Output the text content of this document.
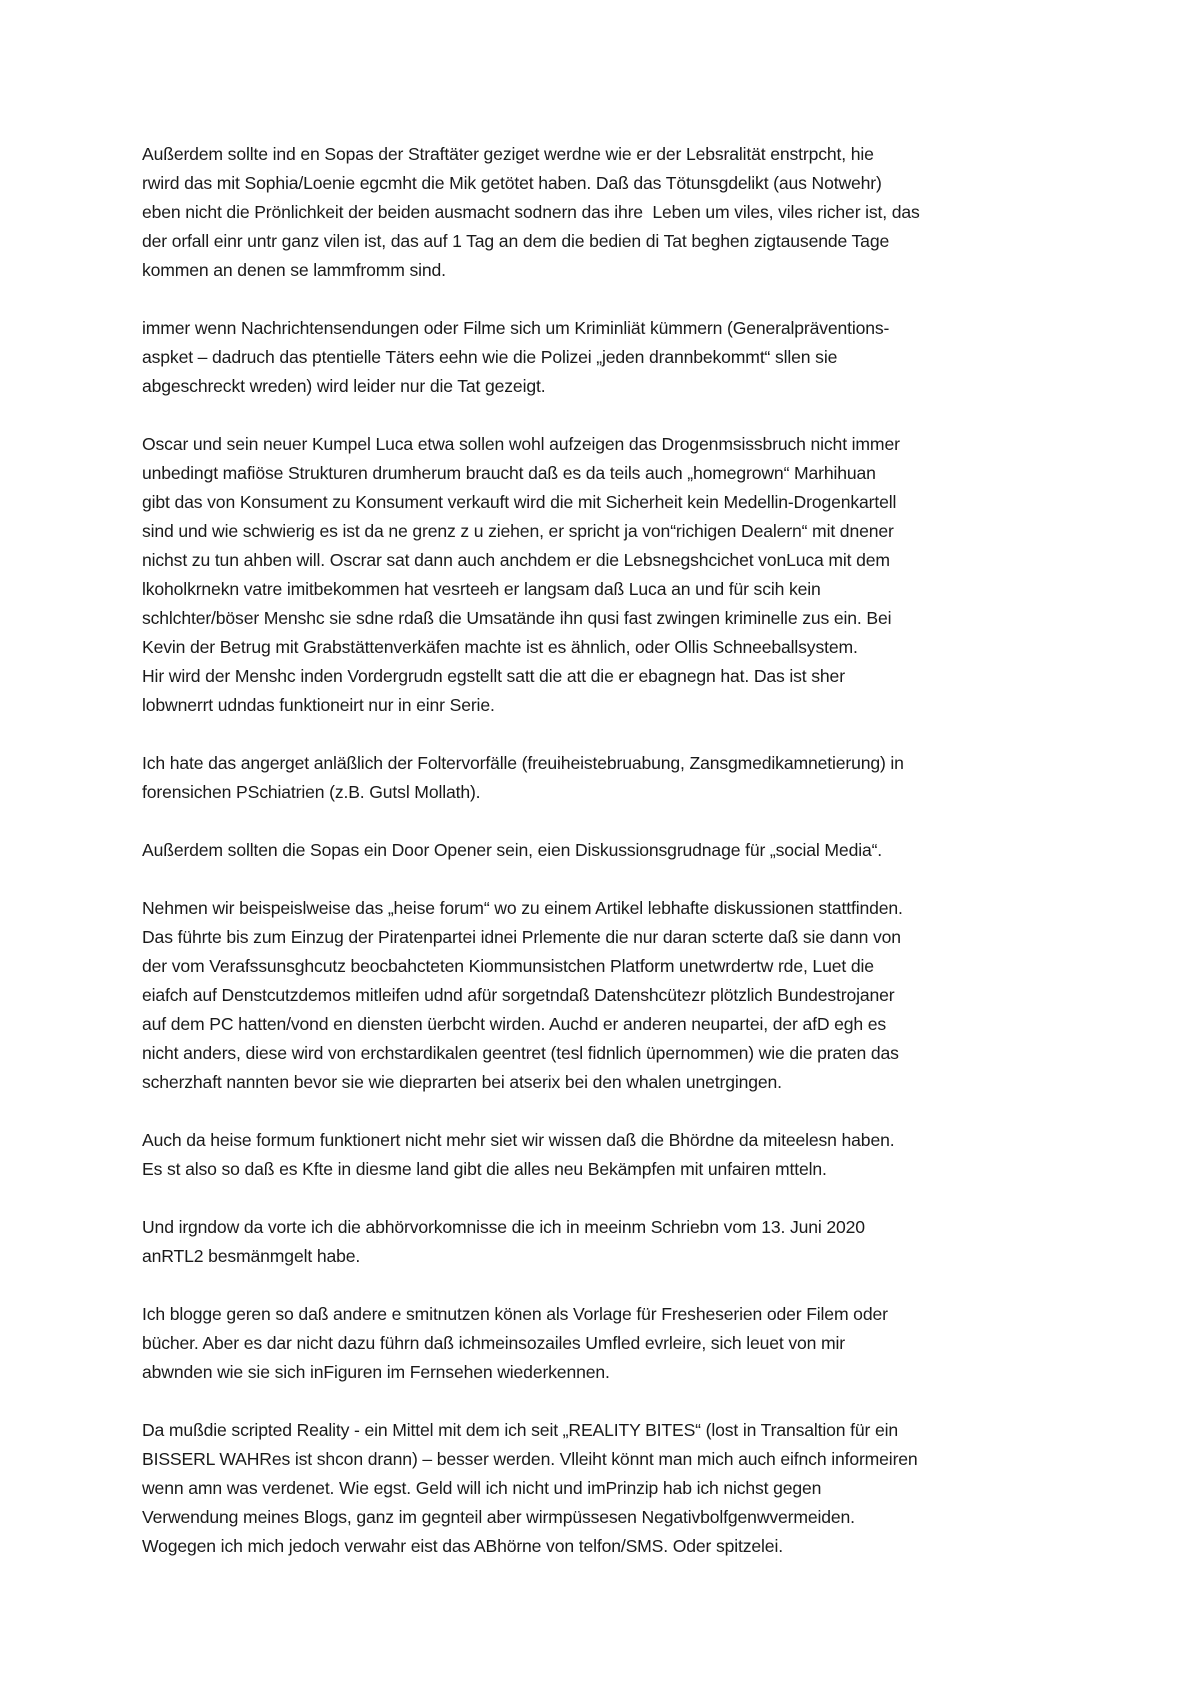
Außerdem sollte ind en Sopas der Straftäter geziget werdne wie er der Lebsralität enstrpcht, hie
rwird das mit Sophia/Loenie egcmht die Mik getötet haben. Daß das Tötunsgdelikt (aus Notwehr)
eben nicht die Prönlichkeit der beiden ausmacht sodnern das ihre  Leben um viles, viles richer ist, das
der orfall einr untr ganz vilen ist, das auf 1 Tag an dem die bedien di Tat beghen zigtausende Tage
kommen an denen se lammfromm sind.
immer wenn Nachrichtensendungen oder Filme sich um Kriminliät kümmern (Generalpräventions-
aspket – dadruch das ptentielle Täters eehn wie die Polizei „jeden drannbekommt“ sllen sie
abgeschreckt wreden) wird leider nur die Tat gezeigt.
Oscar und sein neuer Kumpel Luca etwa sollen wohl aufzeigen das Drogenmsissbruch nicht immer
unbedingt mafiöse Strukturen drumherum braucht daß es da teils auch „homegrown“ Marhihuan
gibt das von Konsument zu Konsument verkauft wird die mit Sicherheit kein Medellin-Drogenkartell
sind und wie schwierig es ist da ne grenz z u ziehen, er spricht ja von“richigen Dealern“ mit dnener
nichst zu tun ahben will. Oscrar sat dann auch anchdem er die Lebsnegshcichet vonLuca mit dem
lkoholkrnekn vatre imitbekommen hat vesrteeh er langsam daß Luca an und für scih kein
schlchter/böser Menshc sie sdne rdaß die Umsatände ihn qusi fast zwingen kriminelle zus ein. Bei
Kevin der Betrug mit Grabstättenverkäfen machte ist es ähnlich, oder Ollis Schneeballsystem.
Hir wird der Menshc inden Vordergrudn egstellt satt die att die er ebagnegn hat. Das ist sher
lobwnerrt udndas funktioneirt nur in einr Serie.
Ich hate das angerget anläßlich der Foltervorfälle (freuiheistebruabung, Zansgmedikamnetierung) in
forensichen PSchiatrien (z.B. Gutsl Mollath).
Außerdem sollten die Sopas ein Door Opener sein, eien Diskussionsgrudnage für „social Media“.
Nehmen wir beispeislweise das „heise forum“ wo zu einem Artikel lebhafte diskussionen stattfinden.
Das führte bis zum Einzug der Piratenpartei idnei Prlemente die nur daran scterte daß sie dann von
der vom Verafssunsghcutz beocbahcteten Kiommunsistchen Platform unetwrdertw rde, Luet die
eiafch auf Denstcutzdemos mitleifen udnd afür sorgetndaß Datenshcütezr plötzlich Bundestrojaner
auf dem PC hatten/vond en diensten üerbcht wirden. Auchd er anderen neupartei, der afD egh es
nicht anders, diese wird von erchstardikalen geentret (tesl fidnlich üpernommen) wie die praten das
scherzhaft nannten bevor sie wie dieprarten bei atserix bei den whalen unetrgingen.
Auch da heise formum funktionert nicht mehr siet wir wissen daß die Bhördne da miteelesn haben.
Es st also so daß es Kfte in diesme land gibt die alles neu Bekämpfen mit unfairen mtteln.
Und irgndow da vorte ich die abhörvorkomnisse die ich in meeinm Schriebn vom 13. Juni 2020
anRTL2 besmänmgelt habe.
Ich blogge geren so daß andere e smitnutzen könen als Vorlage für Fresheserien oder Filem oder
bücher. Aber es dar nicht dazu führn daß ichmeinsozailes Umfled evrleire, sich leuet von mir
abwnden wie sie sich inFiguren im Fernsehen wiederkennen.
Da mußdie scripted Reality - ein Mittel mit dem ich seit „REALITY BITES“ (lost in Transaltion für ein
BISSERL WAHRes ist shcon drann) – besser werden. Vlleiht könnt man mich auch eifnch informeiren
wenn amn was verdenet. Wie egst. Geld will ich nicht und imPrinzip hab ich nichst gegen
Verwendung meines Blogs, ganz im gegnteil aber wirmpüssesen Negativbolfgenwvermeiden.
Wogegen ich mich jedoch verwahr eist das ABhörne von telfon/SMS. Oder spitzelei.
